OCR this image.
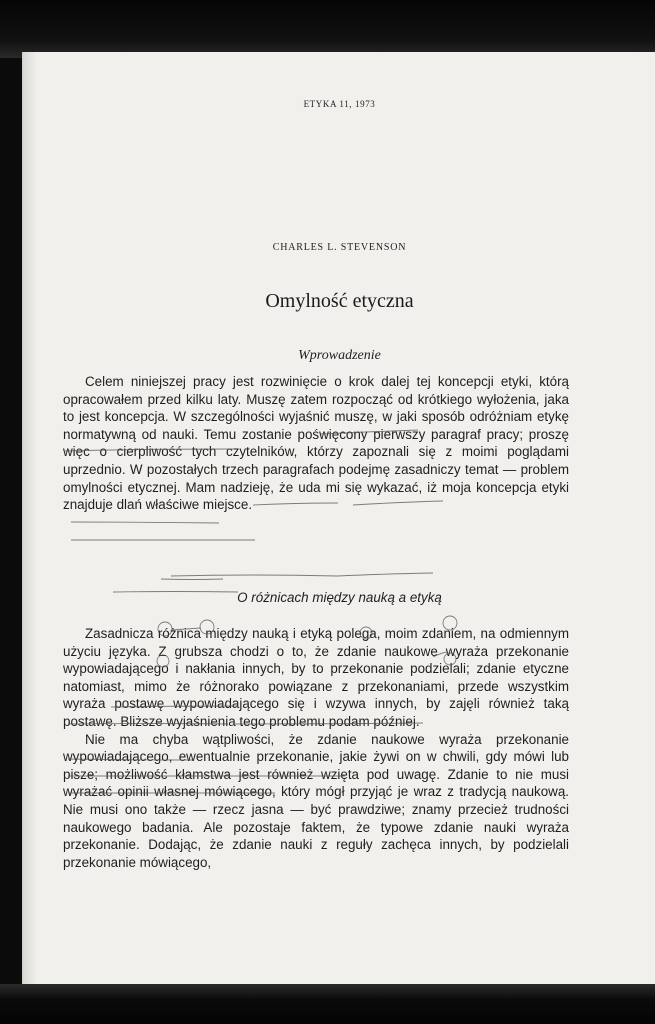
ETYKA 11, 1973
CHARLES L. STEVENSON
Omylność etyczna
Wprowadzenie

Celem niniejszej pracy jest rozwinięcie o krok dalej tej koncepcji etyki, którą opracowałem przed kilku laty. Muszę zatem rozpocząć od krótkiego wyłożenia, jaka to jest koncepcja. W szczególności wyjaśnić muszę, w jaki sposób odróżniam etykę normatywną od nauki. Temu zostanie poświęcony pierwszy paragraf pracy; proszę więc o cierpliwość tych czytelników, którzy zapoznali się z moimi poglądami uprzednio. W pozostałych trzech paragrafach podejmę zasadniczy temat — problem omylności etycznej. Mam nadzieję, że uda mi się wykazać, iż moja koncepcja etyki znajduje dlań właściwe miejsce.

O różnicach między nauką a etyką

Zasadnicza różnica między nauką i etyką polega, moim zdaniem, na odmiennym użyciu języka. Z grubsza chodzi o to, że zdanie naukowe wyraża przekonanie wypowiadającego i nakłania innych, by to przekonanie podzielali; zdanie etyczne natomiast, mimo że różnorako powiązane z przekonaniami, przede wszystkim wyraża postawę wypowiadającego się i wzywa innych, by zajęli również taką postawę. Bliższe wyjaśnienia tego problemu podam później.

Nie ma chyba wątpliwości, że zdanie naukowe wyraża przekonanie wypowiadającego, ewentualnie przekonanie, jakie żywi on w chwili, gdy mówi lub pisze; możliwość kłamstwa jest również wzięta pod uwagę. Zdanie to nie musi wyrażać opinii własnej mówiącego, który mógł przyjąć je wraz z tradycją naukową. Nie musi ono także — rzecz jasna — być prawdziwe; znamy przecież trudności naukowego badania. Ale pozostaje faktem, że typowe zdanie nauki wyraża przekonanie. Dodając, że zdanie nauki z reguły zachęca innych, by podzielali przekonanie mówiącego,
